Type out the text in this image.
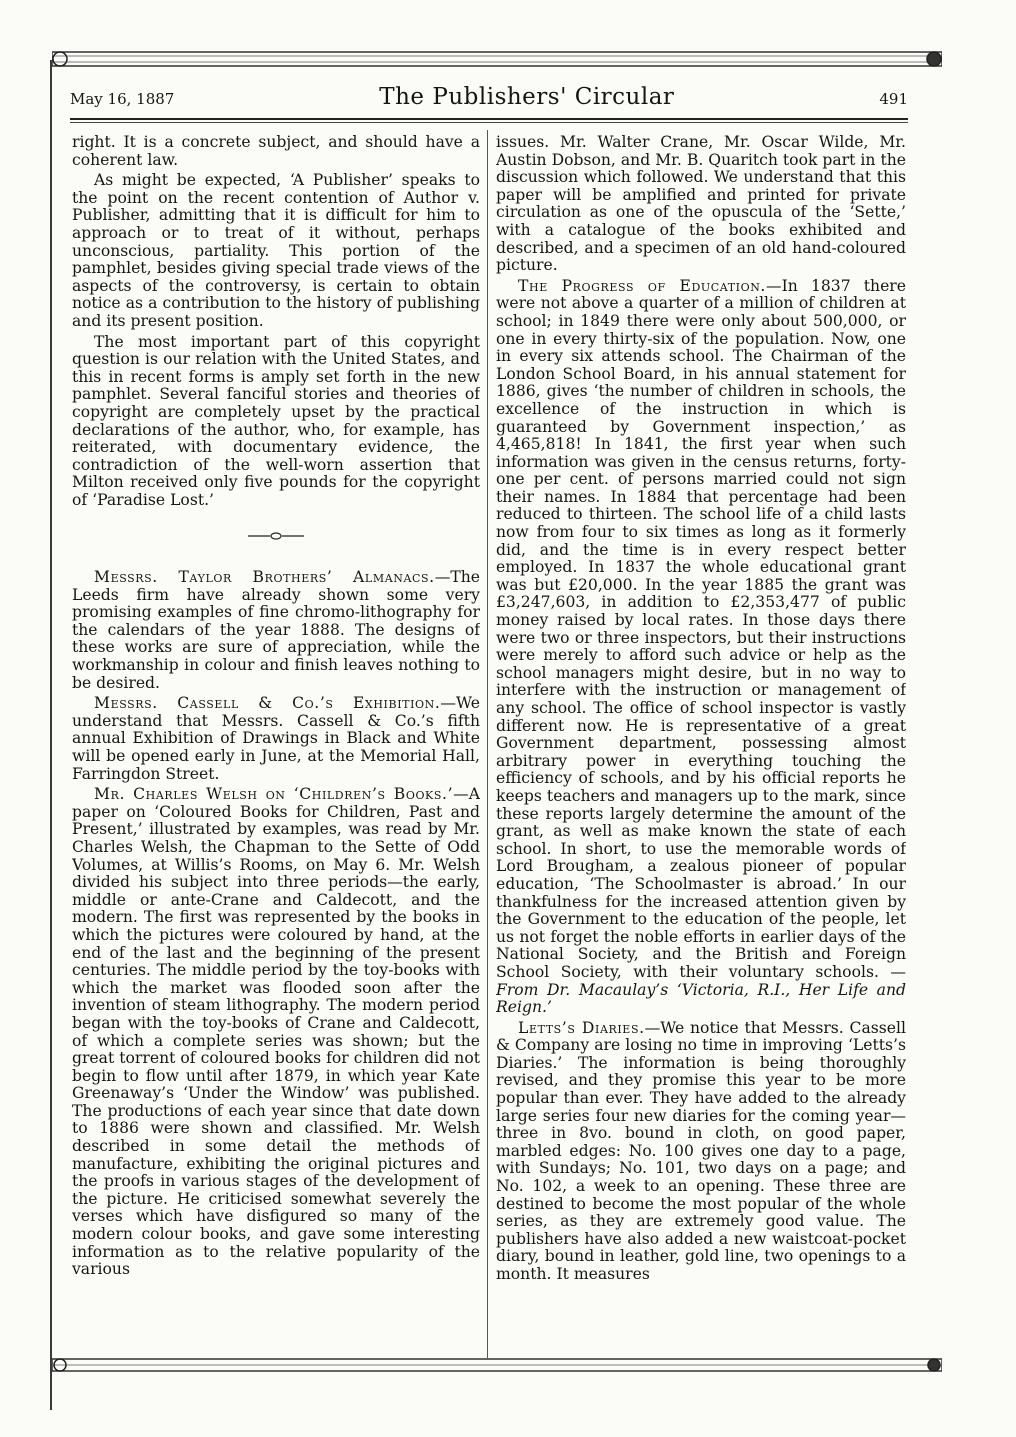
May 16, 1887	The Publishers' Circular	491

right. It is a concrete subject, and should have a coherent law.

As might be expected, ‘A Publisher’ speaks to the point on the recent contention of Author v. Publisher, admitting that it is difficult for him to approach or to treat of it without, perhaps unconscious, partiality. This portion of the pamphlet, besides giving special trade views of the aspects of the controversy, is certain to obtain notice as a contribution to the history of publishing and its present position.

The most important part of this copyright question is our relation with the United States, and this in recent forms is amply set forth in the new pamphlet. Several fanciful stories and theories of copyright are completely upset by the practical declarations of the author, who, for example, has reiterated, with documentary evidence, the contradiction of the well-worn assertion that Milton received only five pounds for the copyright of ‘Paradise Lost.’

Messrs. Taylor Brothers’ Almanacs.—The Leeds firm have already shown some very promising examples of fine chromo-lithography for the calendars of the year 1888. The designs of these works are sure of appreciation, while the workmanship in colour and finish leaves nothing to be desired.

Messrs. Cassell & Co.’s Exhibition.—We understand that Messrs. Cassell & Co.’s fifth annual Exhibition of Drawings in Black and White will be opened early in June, at the Memorial Hall, Farringdon Street.

Mr. Charles Welsh on ‘Children’s Books.’—A paper on ‘Coloured Books for Children, Past and Present,’ illustrated by examples, was read by Mr. Charles Welsh, the Chapman to the Sette of Odd Volumes, at Willis’s Rooms, on May 6. Mr. Welsh divided his subject into three periods—the early, middle or ante-Crane and Caldecott, and the modern. The first was represented by the books in which the pictures were coloured by hand, at the end of the last and the beginning of the present centuries. The middle period by the toy-books with which the market was flooded soon after the invention of steam lithography. The modern period began with the toy-books of Crane and Caldecott, of which a complete series was shown; but the great torrent of coloured books for children did not begin to flow until after 1879, in which year Kate Greenaway’s ‘Under the Window’ was published. The productions of each year since that date down to 1886 were shown and classified. Mr. Welsh described in some detail the methods of manufacture, exhibiting the original pictures and the proofs in various stages of the development of the picture. He criticised somewhat severely the verses which have disfigured so many of the modern colour books, and gave some interesting information as to the relative popularity of the various

issues. Mr. Walter Crane, Mr. Oscar Wilde, Mr. Austin Dobson, and Mr. B. Quaritch took part in the discussion which followed. We understand that this paper will be amplified and printed for private circulation as one of the opuscula of the ‘Sette,’ with a catalogue of the books exhibited and described, and a specimen of an old hand-coloured picture.

The Progress of Education.—In 1837 there were not above a quarter of a million of children at school; in 1849 there were only about 500,000, or one in every thirty-six of the population. Now, one in every six attends school. The Chairman of the London School Board, in his annual statement for 1886, gives ‘the number of children in schools, the excellence of the instruction in which is guaranteed by Government inspection,’ as 4,465,818! In 1841, the first year when such information was given in the census returns, forty-one per cent. of persons married could not sign their names. In 1884 that percentage had been reduced to thirteen. The school life of a child lasts now from four to six times as long as it formerly did, and the time is in every respect better employed. In 1837 the whole educational grant was but £20,000. In the year 1885 the grant was £3,247,603, in addition to £2,353,477 of public money raised by local rates. In those days there were two or three inspectors, but their instructions were merely to afford such advice or help as the school managers might desire, but in no way to interfere with the instruction or management of any school. The office of school inspector is vastly different now. He is representative of a great Government department, possessing almost arbitrary power in everything touching the efficiency of schools, and by his official reports he keeps teachers and managers up to the mark, since these reports largely determine the amount of the grant, as well as make known the state of each school. In short, to use the memorable words of Lord Brougham, a zealous pioneer of popular education, ‘The Schoolmaster is abroad.’ In our thankfulness for the increased attention given by the Government to the education of the people, let us not forget the noble efforts in earlier days of the National Society, and the British and Foreign School Society, with their voluntary schools. — From Dr. Macaulay’s ‘Victoria, R.I., Her Life and Reign.’

Letts’s Diaries.—We notice that Messrs. Cassell & Company are losing no time in improving ‘Letts’s Diaries.’ The information is being thoroughly revised, and they promise this year to be more popular than ever. They have added to the already large series four new diaries for the coming year—three in 8vo. bound in cloth, on good paper, marbled edges: No. 100 gives one day to a page, with Sundays; No. 101, two days on a page; and No. 102, a week to an opening. These three are destined to become the most popular of the whole series, as they are extremely good value. The publishers have also added a new waistcoat-pocket diary, bound in leather, gold line, two openings to a month. It measures
